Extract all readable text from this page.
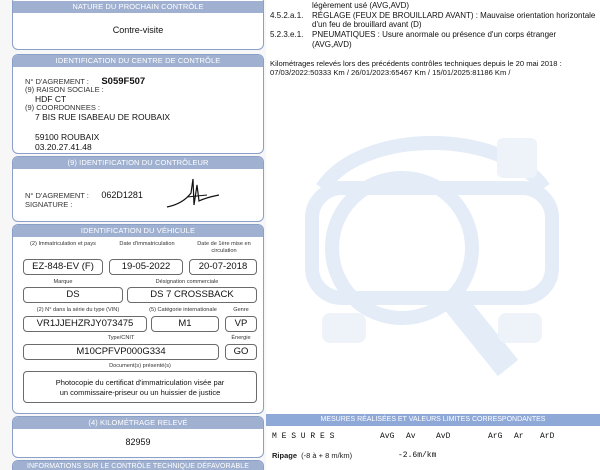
NATURE DU PROCHAIN CONTRÔLE
Contre-visite
IDENTIFICATION DU CENTRE DE CONTRÔLE
N° D'AGREMENT : S059F507
(9) RAISON SOCIALE :
HDF CT
(9) COORDONNEES :
7 BIS RUE ISABEAU DE ROUBAIX
59100 ROUBAIX
03.20.27.41.48
(9) IDENTIFICATION DU CONTRÔLEUR
N° D'AGREMENT : 062D1281
SIGNATURE :
IDENTIFICATION DU VÉHICULE
(2) Immatriculation et pays	Date d'immatriculation	Date de 1ère mise en circulation
EZ-848-EV (F)	19-05-2022	20-07-2018
Marque	Désignation commerciale
DS	DS 7 CROSSBACK
(2) N° dans la série du type (VIN)	(5) Catégorie internationale	Genre
VR1JJEHZRJY073475	M1	VP
Type/CNIT	Énergie
M10CPFVP000G334	GO
Document(s) présenté(s)
Photocopie du certificat d'immatriculation visée par un commissaire-priseur ou un huissier de justice
(4) KILOMÉTRAGE RELEVÉ
82959
INFORMATIONS SUR LE CONTRÔLE TECHNIQUE DÉFAVORABLE
légèrement usé (AVG,AVD)
4.5.2.a.1. RÉGLAGE (FEUX DE BROUILLARD AVANT) : Mauvaise orientation horizontale
d'un feu de brouillard avant (D)
5.2.3.e.1. PNEUMATIQUES : Usure anormale ou présence d'un corps étranger
(AVG,AVD)
Kilométrages relevés lors des précédents contrôles techniques depuis le 20 mai 2018 :
07/03/2022:50333 Km / 26/01/2023:65467 Km / 15/01/2025:81186 Km /
MESURES RÉALISÉES ET VALEURS LIMITES CORRESPONDANTES
M E S U R E S	AvG Av	AvD	ArG Ar ArD
Ripage (-8 à + 8 m/km)	-2.6m/km
